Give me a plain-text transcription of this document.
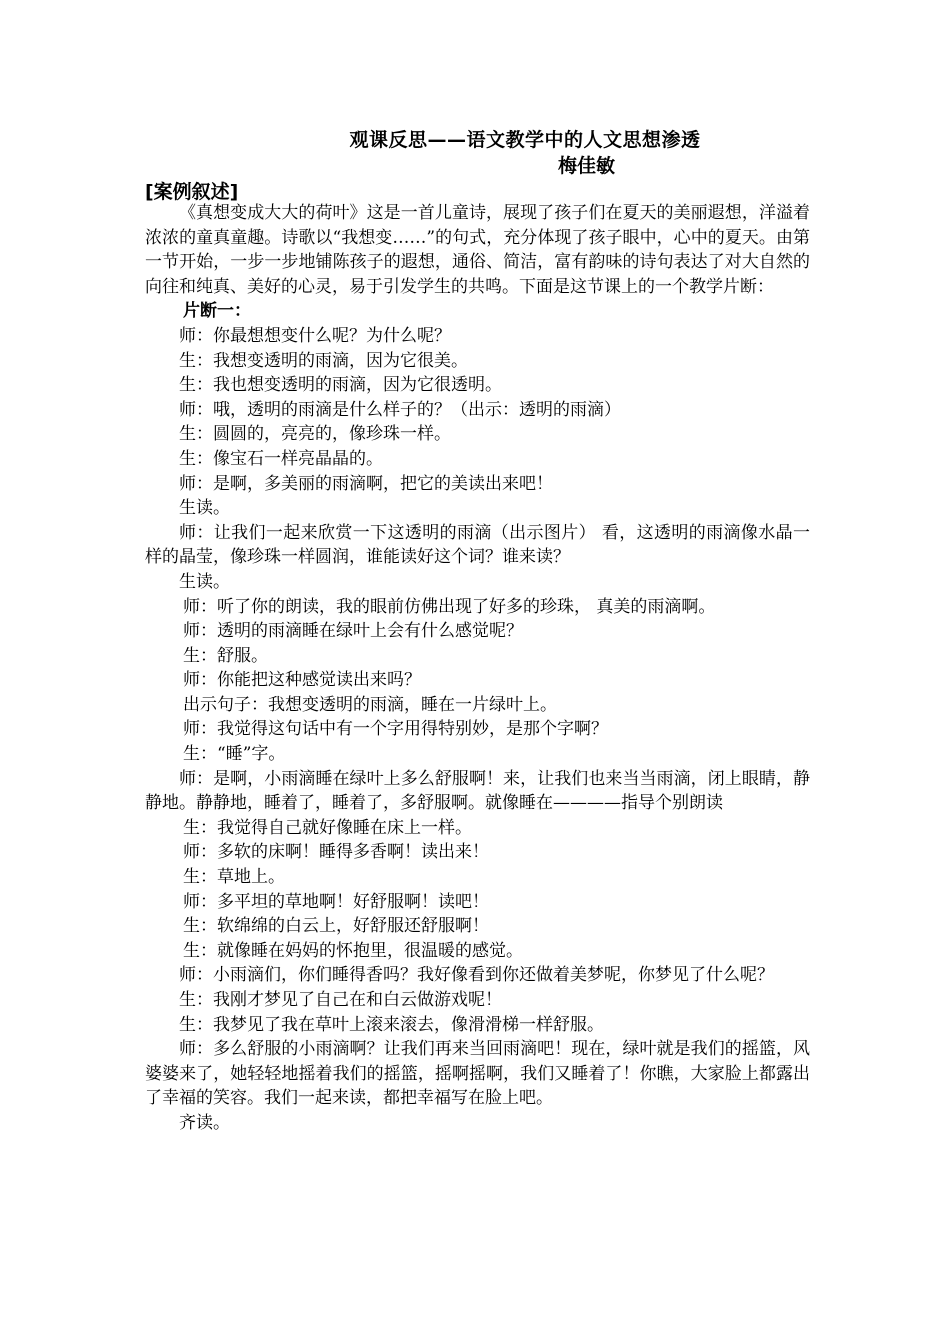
观课反思——语文教学中的人文思想渗透
梅佳敏
[案例叙述]

《真想变成大大的荷叶》这是一首儿童诗，展现了孩子们在夏天的美丽遐想，洋溢着浓浓的童真童趣。诗歌以“我想变……”的句式，充分体现了孩子眼中，心中的夏天。由第一节开始，一步一步地铺陈孩子的遐想，通俗、简洁，富有韵味的诗句表达了对大自然的向往和纯真、美好的心灵，易于引发学生的共鸣。下面是这节课上的一个教学片断：

片断一：

师：你最想想变什么呢？为什么呢？

生：我想变透明的雨滴，因为它很美。

生：我也想变透明的雨滴，因为它很透明。

师：哦，透明的雨滴是什么样子的？（出示：透明的雨滴）

生：圆圆的，亮亮的，像珍珠一样。

生：像宝石一样亮晶晶的。

师：是啊，多美丽的雨滴啊，把它的美读出来吧！

生读。

师：让我们一起来欣赏一下这透明的雨滴（出示图片） 看，这透明的雨滴像水晶一样的晶莹，像珍珠一样圆润，谁能读好这个词？谁来读？

生读。

师：听了你的朗读，我的眼前仿佛出现了好多的珍珠， 真美的雨滴啊。

师：透明的雨滴睡在绿叶上会有什么感觉呢？

生：舒服。

师：你能把这种感觉读出来吗？

出示句子：我想变透明的雨滴，睡在一片绿叶上。

师：我觉得这句话中有一个字用得特别妙，是那个字啊？

生：“睡”字。

师：是啊，小雨滴睡在绿叶上多么舒服啊！来，让我们也来当当雨滴，闭上眼睛，静静地。静静地，睡着了，睡着了，多舒服啊。就像睡在————指导个别朗读

生：我觉得自己就好像睡在床上一样。

师：多软的床啊！睡得多香啊！读出来！

生：草地上。

师：多平坦的草地啊！好舒服啊！读吧！

生：软绵绵的白云上，好舒服还舒服啊！

生：就像睡在妈妈的怀抱里，很温暖的感觉。

师：小雨滴们，你们睡得香吗？我好像看到你还做着美梦呢，你梦见了什么呢？

生：我刚才梦见了自己在和白云做游戏呢！

生：我梦见了我在草叶上滚来滚去，像滑滑梯一样舒服。

师：多么舒服的小雨滴啊？让我们再来当回雨滴吧！现在，绿叶就是我们的摇篮，风婆婆来了，她轻轻地摇着我们的摇篮，摇啊摇啊，我们又睡着了！你瞧，大家脸上都露出了幸福的笑容。我们一起来读，都把幸福写在脸上吧。

齐读。
